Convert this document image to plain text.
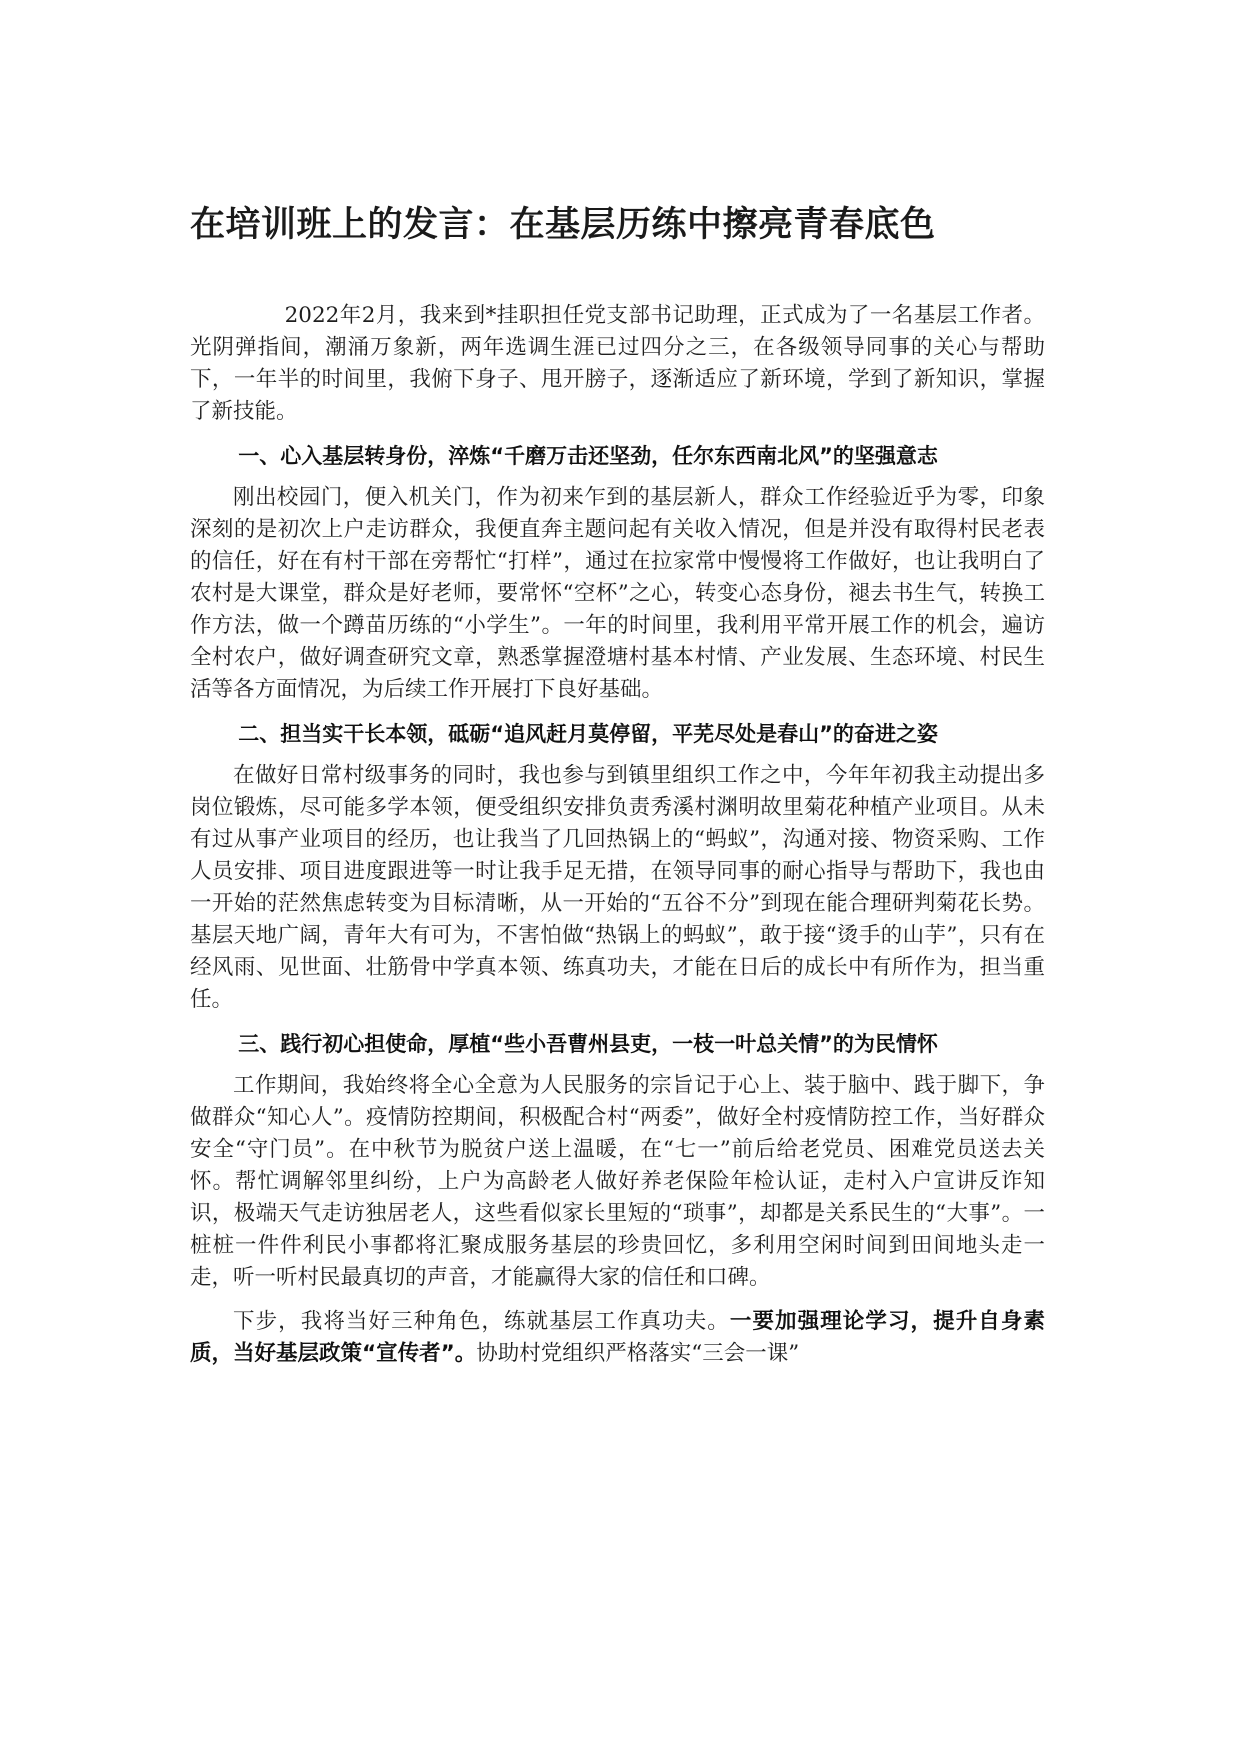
在培训班上的发言：在基层历练中擦亮青春底色

2022年2月，我来到*挂职担任党支部书记助理，正式成为了一名基层工作者。光阴弹指间，潮涌万象新，两年选调生涯已过四分之三，在各级领导同事的关心与帮助下，一年半的时间里，我俯下身子、甩开膀子，逐渐适应了新环境，学到了新知识，掌握了新技能。

一、心入基层转身份，淬炼“千磨万击还坚劲，任尔东西南北风”的坚强意志

刚出校园门，便入机关门，作为初来乍到的基层新人，群众工作经验近乎为零，印象深刻的是初次上户走访群众，我便直奔主题问起有关收入情况，但是并没有取得村民老表的信任，好在有村干部在旁帮忙“打样”，通过在拉家常中慢慢将工作做好，也让我明白了农村是大课堂，群众是好老师，要常怀“空杯”之心，转变心态身份，褪去书生气，转换工作方法，做一个蹲苗历练的“小学生”。一年的时间里，我利用平常开展工作的机会，遍访全村农户，做好调查研究文章，熟悉掌握澄塘村基本村情、产业发展、生态环境、村民生活等各方面情况，为后续工作开展打下良好基础。

二、担当实干长本领，砥砺“追风赶月莫停留，平芜尽处是春山”的奋进之姿

在做好日常村级事务的同时，我也参与到镇里组织工作之中，今年年初我主动提出多岗位锻炼，尽可能多学本领，便受组织安排负责秀溪村渊明故里菊花种植产业项目。从未有过从事产业项目的经历，也让我当了几回热锅上的“蚂蚁”，沟通对接、物资采购、工作人员安排、项目进度跟进等一时让我手足无措，在领导同事的耐心指导与帮助下，我也由一开始的茫然焦虑转变为目标清晰，从一开始的“五谷不分”到现在能合理研判菊花长势。基层天地广阔，青年大有可为，不害怕做“热锅上的蚂蚁”，敢于接“烫手的山芋”，只有在经风雨、见世面、壮筋骨中学真本领、练真功夫，才能在日后的成长中有所作为，担当重任。

三、践行初心担使命，厚植“些小吾曹州县吏，一枝一叶总关情”的为民情怀

工作期间，我始终将全心全意为人民服务的宗旨记于心上、装于脑中、践于脚下，争做群众“知心人”。疫情防控期间，积极配合村“两委”，做好全村疫情防控工作，当好群众安全“守门员”。在中秋节为脱贫户送上温暖，在“七一”前后给老党员、困难党员送去关怀。帮忙调解邻里纠纷，上户为高龄老人做好养老保险年检认证，走村入户宣讲反诈知识，极端天气走访独居老人，这些看似家长里短的“琐事”，却都是关系民生的“大事”。一桩桩一件件利民小事都将汇聚成服务基层的珍贵回忆，多利用空闲时间到田间地头走一走，听一听村民最真切的声音，才能赢得大家的信任和口碑。

下步，我将当好三种角色，练就基层工作真功夫。一要加强理论学习，提升自身素质，当好基层政策“宣传者”。协助村党组织严格落实“三会一课”
